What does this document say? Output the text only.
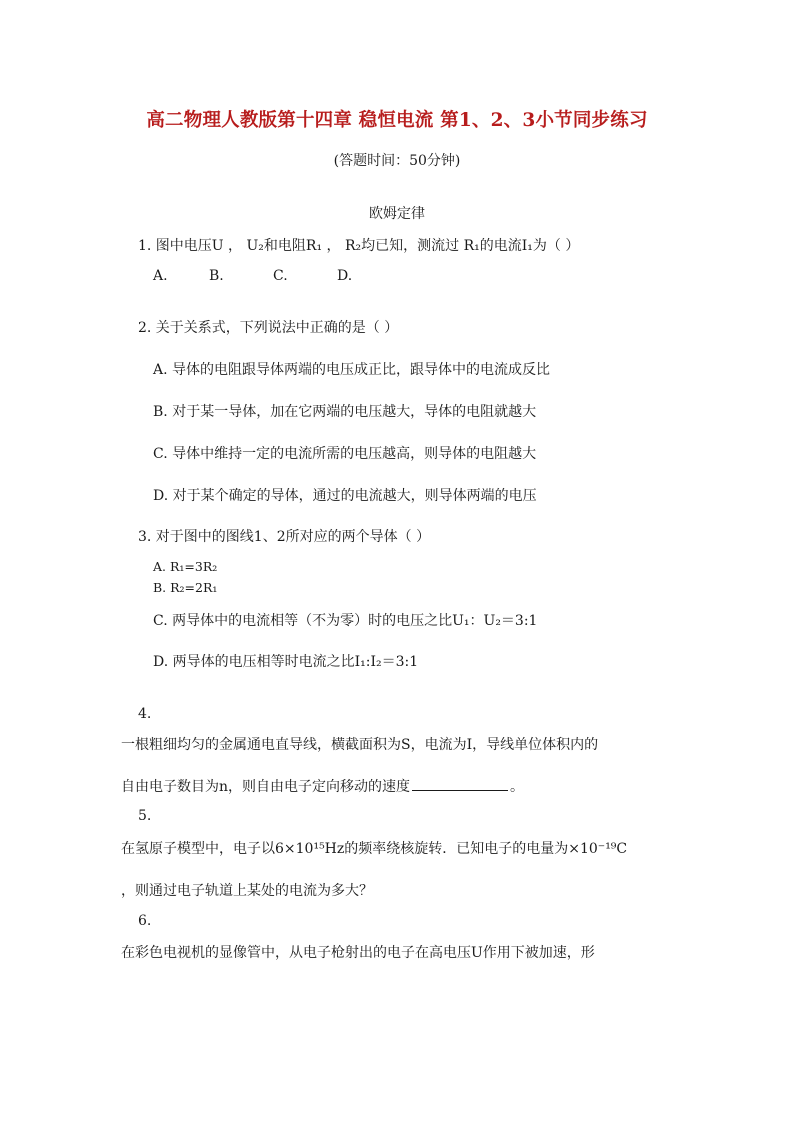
高二物理人教版第十四章 稳恒电流 第1、2、3小节同步练习
(答题时间：50分钟)
欧姆定律
1. 图中电压U ， U₂和电阻R₁ ， R₂均已知，测流过 R₁的电流I₁为（ ）
A.	B.	C.	D.
2. 关于关系式，下列说法中正确的是（ ）
A. 导体的电阻跟导体两端的电压成正比，跟导体中的电流成反比
B. 对于某一导体，加在它两端的电压越大，导体的电阻就越大
C. 导体中维持一定的电流所需的电压越高，则导体的电阻越大
D. 对于某个确定的导体，通过的电流越大，则导体两端的电压
3. 对于图中的图线1、2所对应的两个导体（ ）
A. R₁=3R₂
B. R₂=2R₁
C. 两导体中的电流相等（不为零）时的电压之比U₁：U₂＝3:1
D. 两导体的电压相等时电流之比I₁:I₂＝3:1
4.
一根粗细均匀的金属通电直导线，横截面积为S，电流为I，导线单位体积内的
自由电子数目为n，则自由电子定向移动的速度	。
5.
在氢原子模型中，电子以6×10¹⁵Hz的频率绕核旋转．已知电子的电量为×10⁻¹⁹C
，则通过电子轨道上某处的电流为多大？
6.
在彩色电视机的显像管中，从电子枪射出的电子在高电压U作用下被加速，形
